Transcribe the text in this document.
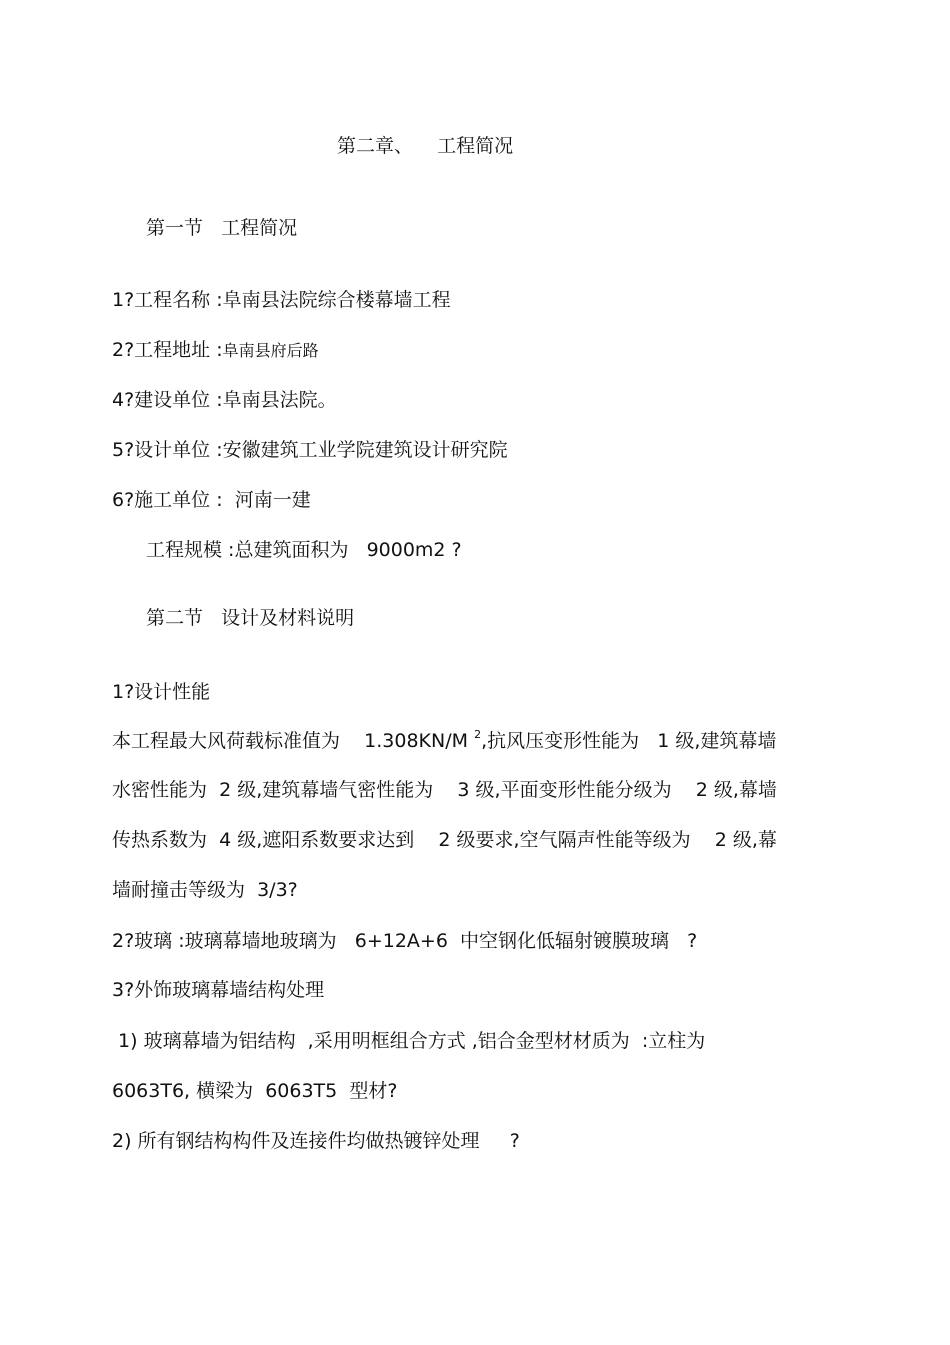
第二章、    工程简况
第一节   工程简况

1?工程名称 :阜南县法院综合楼幕墙工程

2?工程地址 :阜南县府后路

4?建设单位 :阜南县法院。

5?设计单位 :安徽建筑工业学院建筑设计研究院

6?施工单位 :  河南一建

工程规模 :总建筑面积为   9000m2 ?

第二节   设计及材料说明

1?设计性能

本工程最大风荷载标准值为    1.308KN/M $^2$,抗风压变形性能为   1 级,建筑幕墙

水密性能为  2 级,建筑幕墙气密性能为    3 级,平面变形性能分级为    2 级,幕墙

传热系数为  4 级,遮阳系数要求达到    2 级要求,空气隔声性能等级为    2 级,幕

墙耐撞击等级为  3/3?

2?玻璃 :玻璃幕墙地玻璃为   6+12A+6  中空钢化低辐射镀膜玻璃   ?

3?外饰玻璃幕墙结构处理

1) 玻璃幕墙为铝结构  ,采用明框组合方式 ,铝合金型材材质为  :立柱为

6063T6, 横梁为  6063T5  型材?

2) 所有钢结构构件及连接件均做热镀锌处理     ?
